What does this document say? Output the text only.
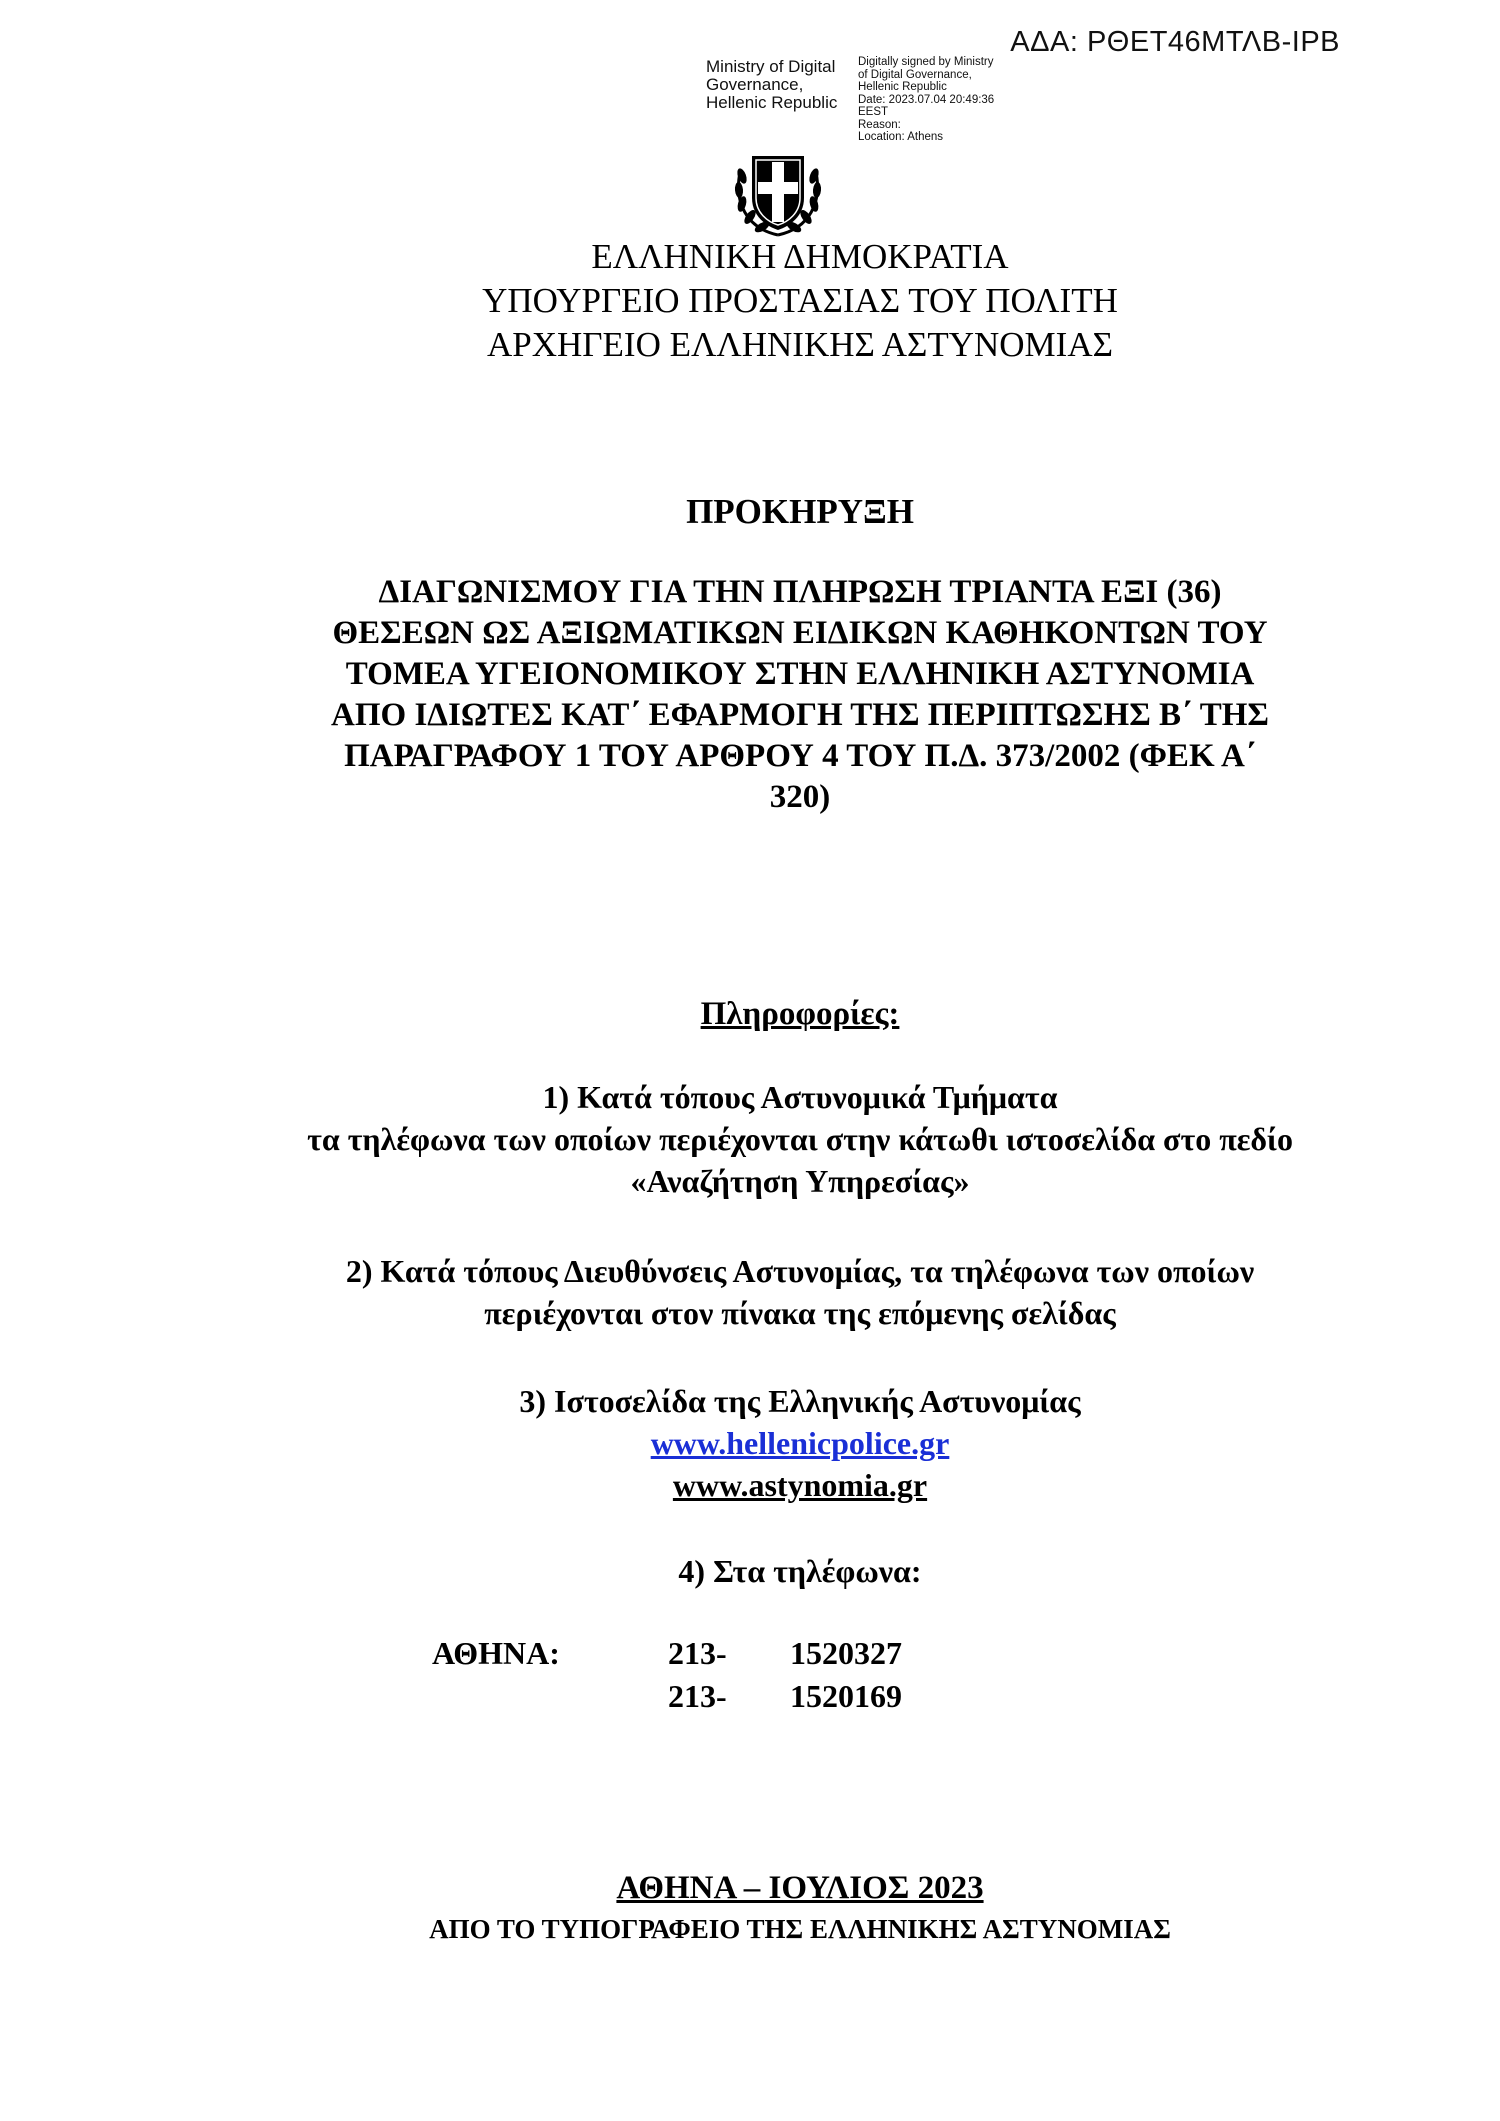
ΑΔΑ: ΡΘΕΤ46ΜΤΛΒ-ΙΡΒ
Ministry of Digital
Governance,
Hellenic Republic
Digitally signed by Ministry
of Digital Governance,
Hellenic Republic
Date: 2023.07.04 20:49:36
EEST
Reason:
Location: Athens
ΕΛΛΗΝΙΚΗ ΔΗΜΟΚΡΑΤΙΑ
ΥΠΟΥΡΓΕΙΟ ΠΡΟΣΤΑΣΙΑΣ ΤΟΥ ΠΟΛΙΤΗ
ΑΡΧΗΓΕΙΟ ΕΛΛΗΝΙΚΗΣ ΑΣΤΥΝΟΜΙΑΣ
ΠΡΟΚΗΡΥΞΗ
ΔΙΑΓΩΝΙΣΜΟΥ ΓΙΑ ΤΗΝ ΠΛΗΡΩΣΗ ΤΡΙΑΝΤΑ ΕΞΙ (36)
ΘΕΣΕΩΝ ΩΣ ΑΞΙΩΜΑΤΙΚΩΝ ΕΙΔΙΚΩΝ ΚΑΘΗΚΟΝΤΩΝ ΤΟΥ
ΤΟΜΕΑ ΥΓΕΙΟΝΟΜΙΚΟΥ ΣΤΗΝ ΕΛΛΗΝΙΚΗ ΑΣΤΥΝΟΜΙΑ
ΑΠΟ ΙΔΙΩΤΕΣ ΚΑΤ΄ ΕΦΑΡΜΟΓΗ ΤΗΣ ΠΕΡΙΠΤΩΣΗΣ Β΄ ΤΗΣ
ΠΑΡΑΓΡΑΦΟΥ 1 ΤΟΥ ΑΡΘΡΟΥ 4 ΤΟΥ Π.Δ. 373/2002 (ΦΕΚ Α΄
320)
Πληροφορίες:
1) Κατά τόπους Αστυνομικά Τμήματα
τα τηλέφωνα των οποίων περιέχονται στην κάτωθι ιστοσελίδα στο πεδίο
«Αναζήτηση Υπηρεσίας»
2) Κατά τόπους Διευθύνσεις Αστυνομίας, τα τηλέφωνα των οποίων
περιέχονται στον πίνακα της επόμενης σελίδας
3) Ιστοσελίδα της Ελληνικής Αστυνομίας
www.hellenicpolice.gr
www.astynomia.gr
4) Στα τηλέφωνα:
ΑΘΗΝΑ:	213- 1520327
213- 1520169
ΑΘΗΝΑ – ΙΟΥΛΙΟΣ 2023
ΑΠΟ ΤΟ ΤΥΠΟΓΡΑΦΕΙΟ ΤΗΣ ΕΛΛΗΝΙΚΗΣ ΑΣΤΥΝΟΜΙΑΣ
